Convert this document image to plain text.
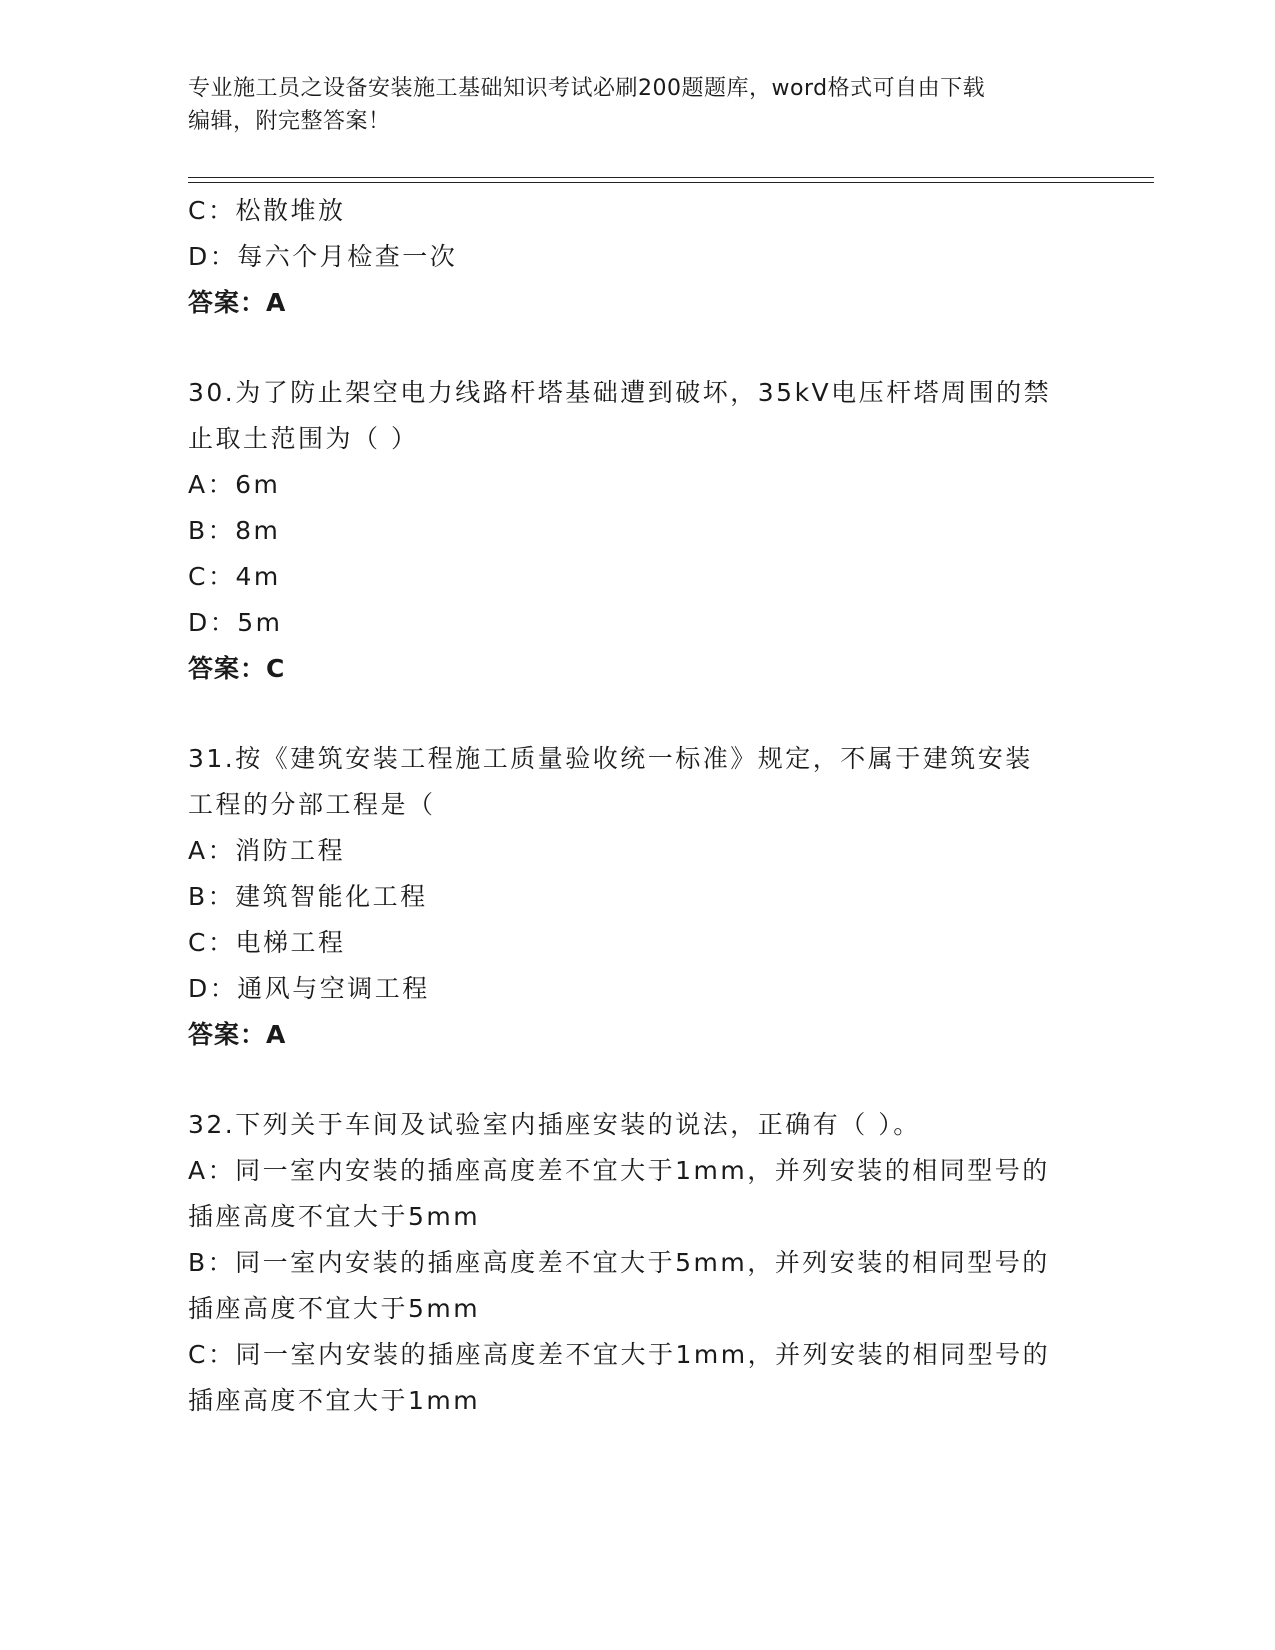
专业施工员之设备安装施工基础知识考试必刷200题题库，word格式可自由下载
编辑，附完整答案！
C：松散堆放
D：每六个月检查一次
答案：A
30.为了防止架空电力线路杆塔基础遭到破坏，35kV电压杆塔周围的禁
止取土范围为（ ）
A：6m
B：8m
C：4m
D：5m
答案：C
31.按《建筑安装工程施工质量验收统一标准》规定，不属于建筑安装
工程的分部工程是（
A：消防工程
B：建筑智能化工程
C：电梯工程
D：通风与空调工程
答案：A
32.下列关于车间及试验室内插座安装的说法，正确有（ ）。
A：同一室内安装的插座高度差不宜大于1mm，并列安装的相同型号的
插座高度不宜大于5mm
B：同一室内安装的插座高度差不宜大于5mm，并列安装的相同型号的
插座高度不宜大于5mm
C：同一室内安装的插座高度差不宜大于1mm，并列安装的相同型号的
插座高度不宜大于1mm
